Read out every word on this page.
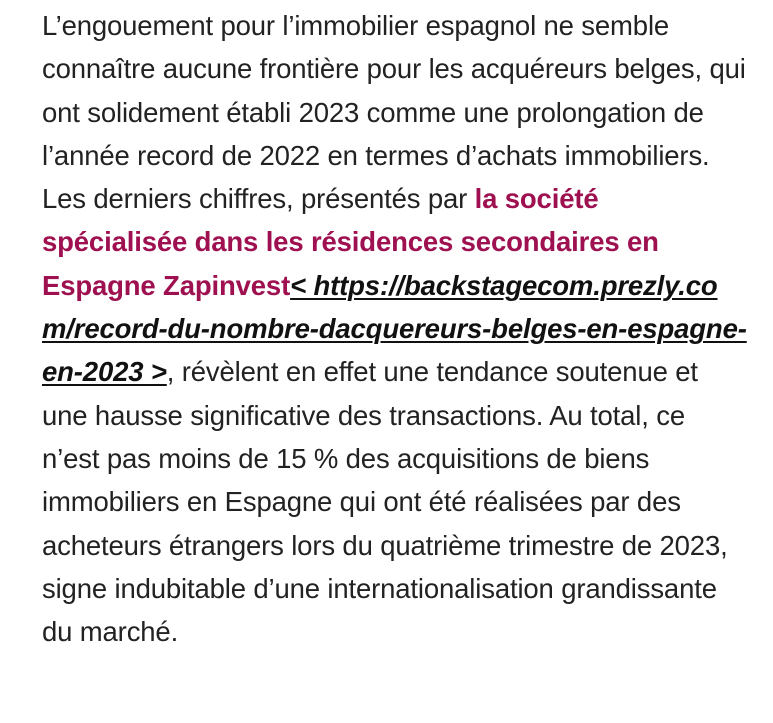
L’engouement pour l’immobilier espagnol ne semble connaître aucune frontière pour les acquéreurs belges, qui ont solidement établi 2023 comme une prolongation de l’année record de 2022 en termes d’achats immobiliers. Les derniers chiffres, présentés par la société spécialisée dans les résidences secondaires en Espagne Zapinvest< https://backstagecom.prezly.com/record-du-nombre-dacquereurs-belges-en-espagne-en-2023 >, révèlent en effet une tendance soutenue et une hausse significative des transactions. Au total, ce n’est pas moins de 15 % des acquisitions de biens immobiliers en Espagne qui ont été réalisées par des acheteurs étrangers lors du quatrième trimestre de 2023, signe indubitable d’une internationalisation grandissante du marché.
